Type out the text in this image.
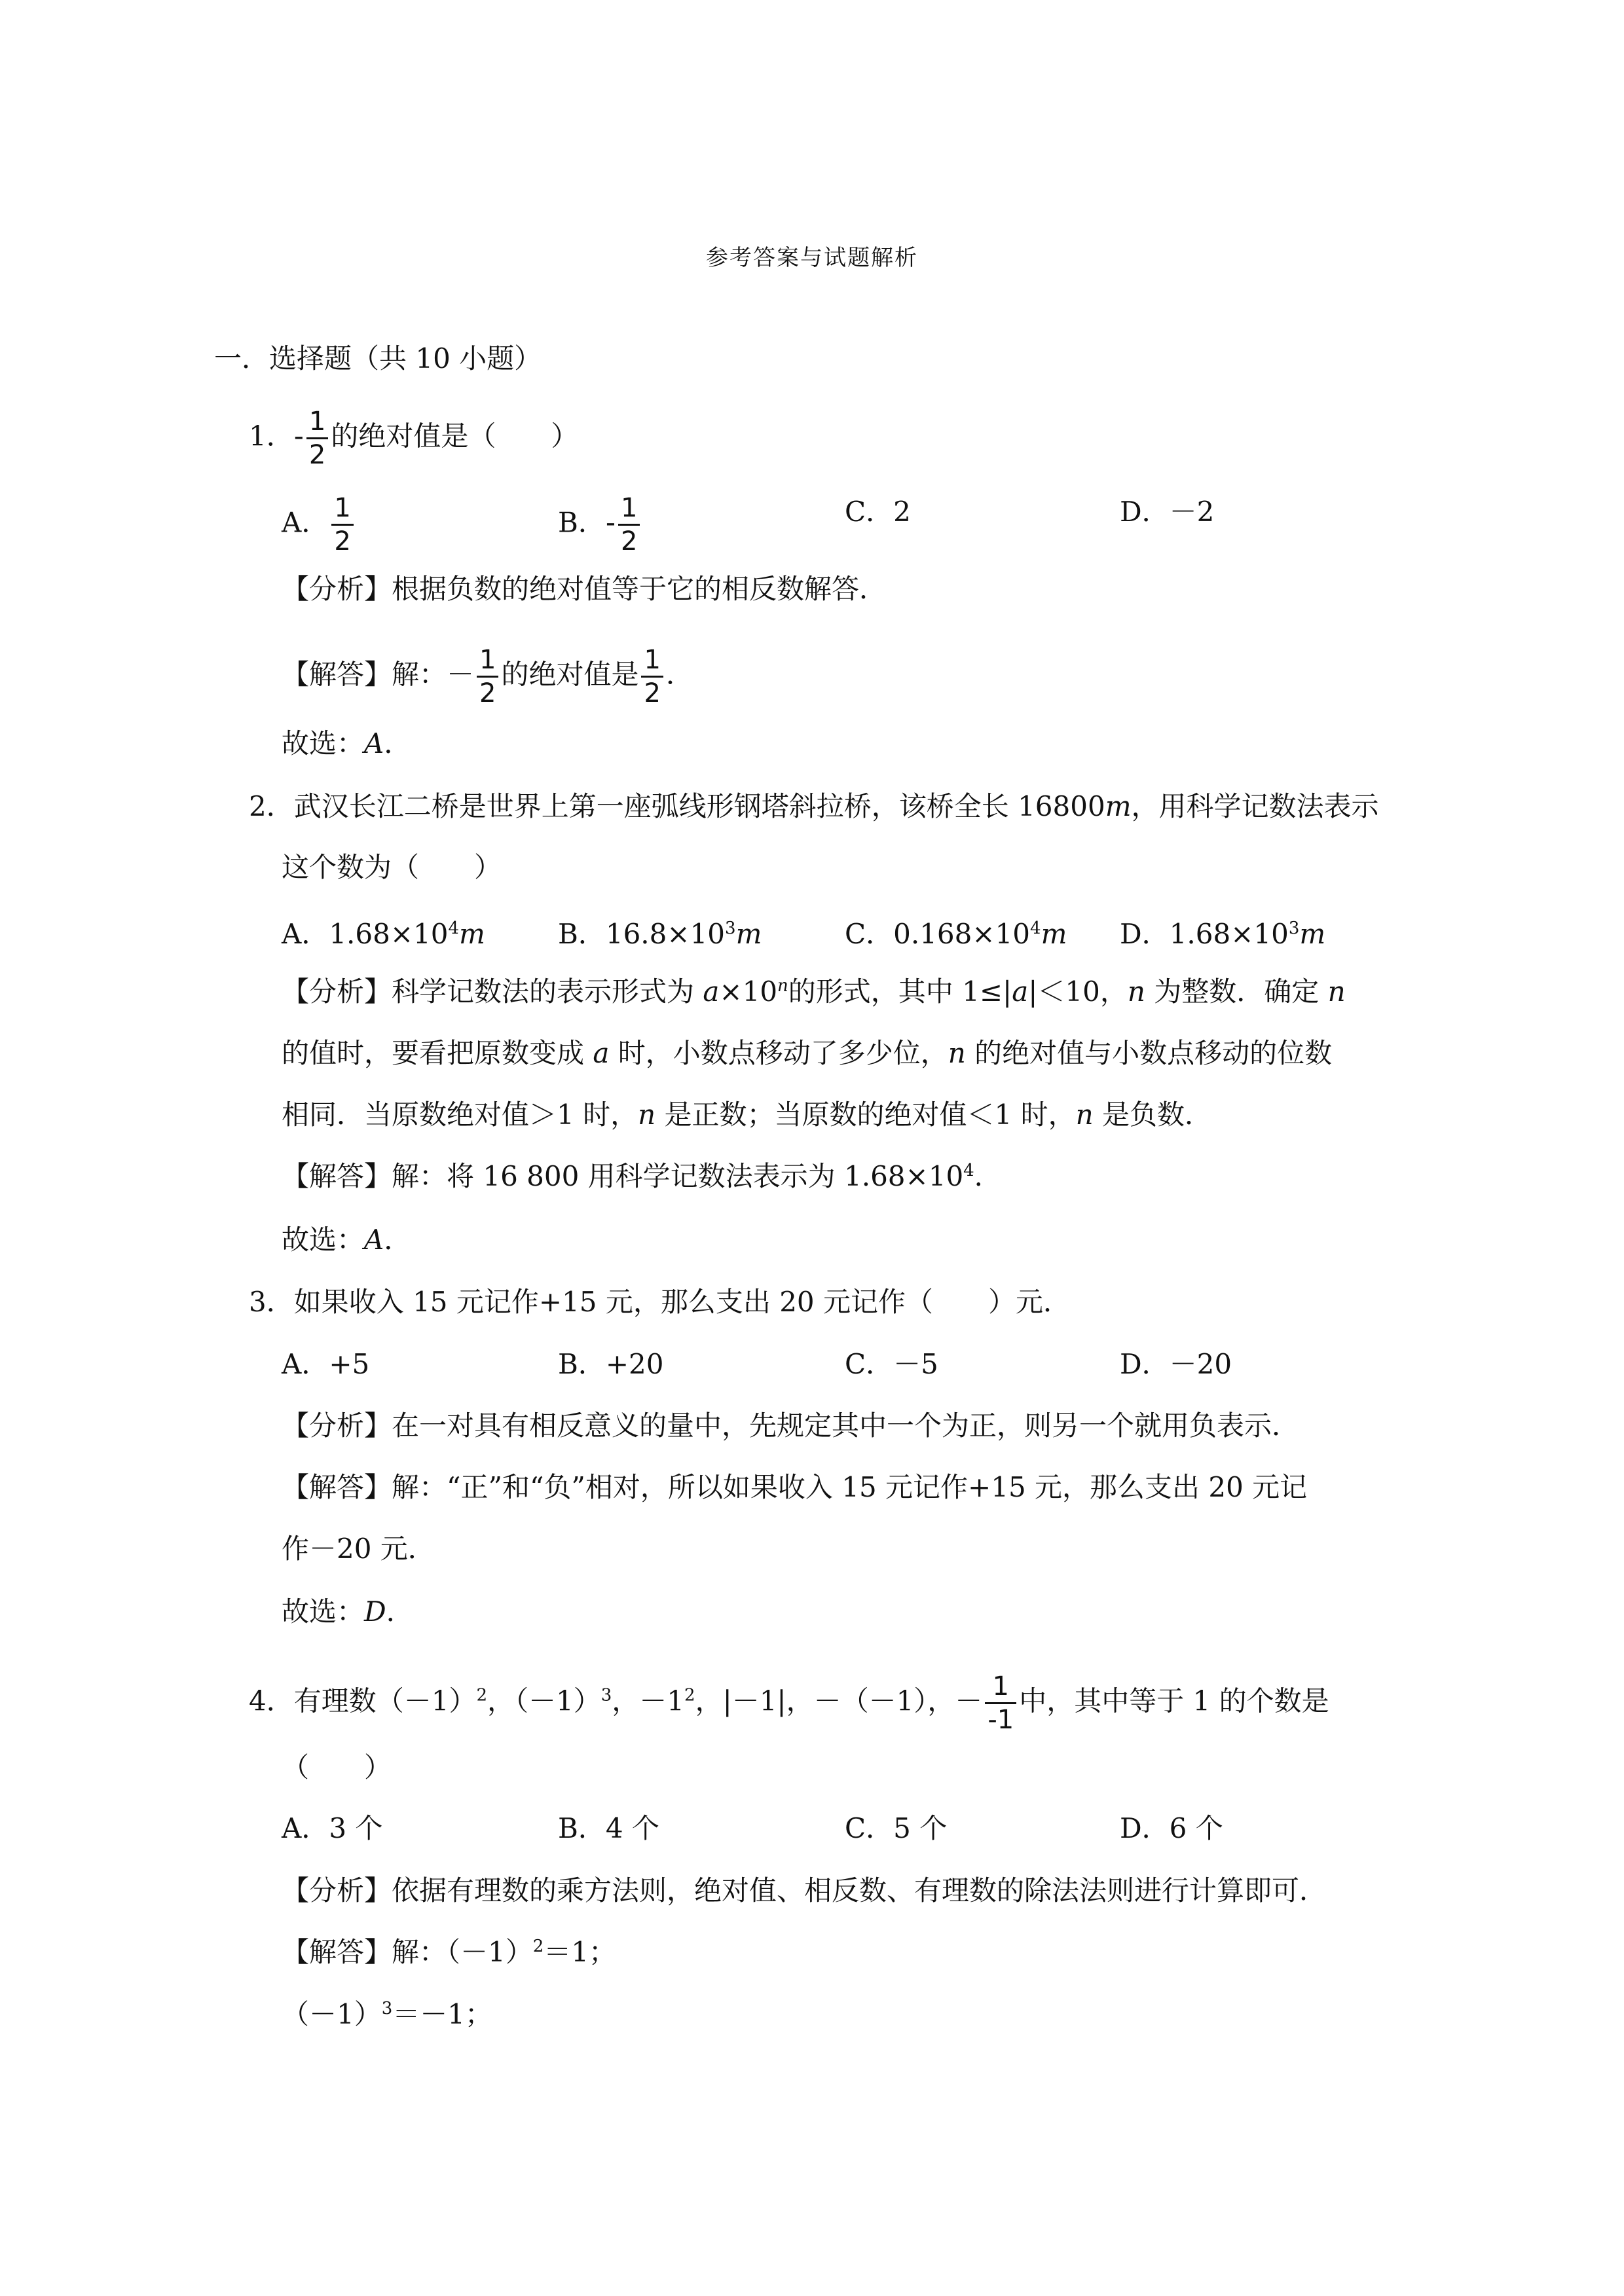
参考答案与试题解析
一．选择题（共 10 小题）
1．- $\frac{1}{2}$ 的绝对值是（　　）
A． $\frac{1}{2}$	B．- $\frac{1}{2}$	C．2	D．－2
【分析】根据负数的绝对值等于它的相反数解答．
【解答】解：－ $\frac{1}{2}$ 的绝对值是 $\frac{1}{2}$ ．
故选：A．
2．武汉长江二桥是世界上第一座弧线形钢塔斜拉桥，该桥全长 16800m，用科学记数法表示
这个数为（　　）
A．$1.68\times 10^4m$	B．$16.8\times 10^3m$	C．$0.168\times 10^4m$ D．$1.68\times 10^3m$
【分析】科学记数法的表示形式为 $a\times 10^n$的形式，其中 1≤|a|＜10，n 为整数．确定 n
的值时，要看把原数变成 a 时，小数点移动了多少位，n 的绝对值与小数点移动的位数
相同．当原数绝对值＞1 时，n 是正数；当原数的绝对值＜1 时，n 是负数．
【解答】解：将 16 800 用科学记数法表示为 $1.68\times 10^4$．
故选：A．
3．如果收入 15 元记作+15 元，那么支出 20 元记作（　　）元．
A．+5	B．+20	C．－5	D．－20
【分析】在一对具有相反意义的量中，先规定其中一个为正，则另一个就用负表示．
【解答】解：“正”和“负”相对，所以如果收入 15 元记作+15 元，那么支出 20 元记
作－20 元．
故选：D．
4．有理数$(-1)^2$，$(-1)^3$，$-1^2$，|－1|，－（－1），－ $\frac{1}{-1}$ 中，其中等于 1 的个数是
（　　）
A．3 个	B．4 个	C．5 个	D．6 个
【分析】依据有理数的乘方法则，绝对值、相反数、有理数的除法法则进行计算即可．
【解答】解：$(-1)^2=1$；
$(-1)^3=-1$；
